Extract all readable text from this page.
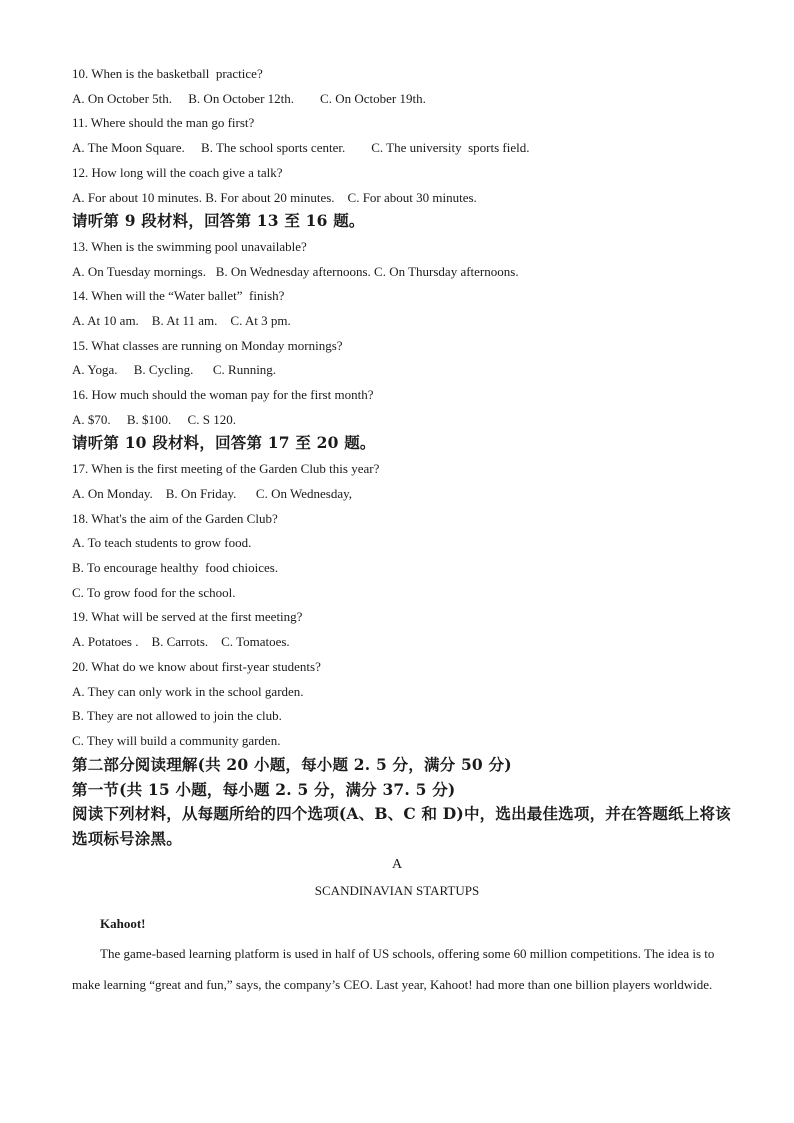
10. When is the basketball  practice?
A. On October 5th.     B. On October 12th.        C. On October 19th.
11. Where should the man go first?
A. The Moon Square.     B. The school sports center.        C. The university  sports field.
12. How long will the coach give a talk?
A. For about 10 minutes. B. For about 20 minutes.    C. For about 30 minutes.
请听第 9 段材料，回答第 13 至 16 题。
13. When is the swimming pool unavailable?
A. On Tuesday mornings.   B. On Wednesday afternoons. C. On Thursday afternoons.
14. When will the “Water ballet”  finish?
A. At 10 am.    B. At 11 am.    C. At 3 pm.
15. What classes are running on Monday mornings?
A. Yoga.     B. Cycling.      C. Running.
16. How much should the woman pay for the first month?
A. $70.     B. $100.     C. S 120.
请听第 10 段材料，回答第 17 至 20 题。
17. When is the first meeting of the Garden Club this year?
A. On Monday.    B. On Friday.      C. On Wednesday,
18. What's the aim of the Garden Club?
A. To teach students to grow food.
B. To encourage healthy  food chioices.
C. To grow food for the school.
19. What will be served at the first meeting?
A. Potatoes .    B. Carrots.    C. Tomatoes.
20. What do we know about first-year students?
A. They can only work in the school garden.
B. They are not allowed to join the club.
C. They will build a community garden.
第二部分阅读理解(共 20 小题，每小题 2. 5 分，满分 50 分)
第一节(共 15 小题，每小题 2. 5 分，满分 37. 5 分)
阅读下列材料，从每题所给的四个选项(A、B、C 和 D)中，选出最佳选项，并在答题纸上将该
选项标号涂黑。
A
SCANDINAVIAN STARTUPS
Kahoot!
The game-based learning platform is used in half of US schools, offering some 60 million competitions. The idea is to make learning “great and fun,” says, the company’s CEO. Last year, Kahoot! had more than one billion players worldwide.
